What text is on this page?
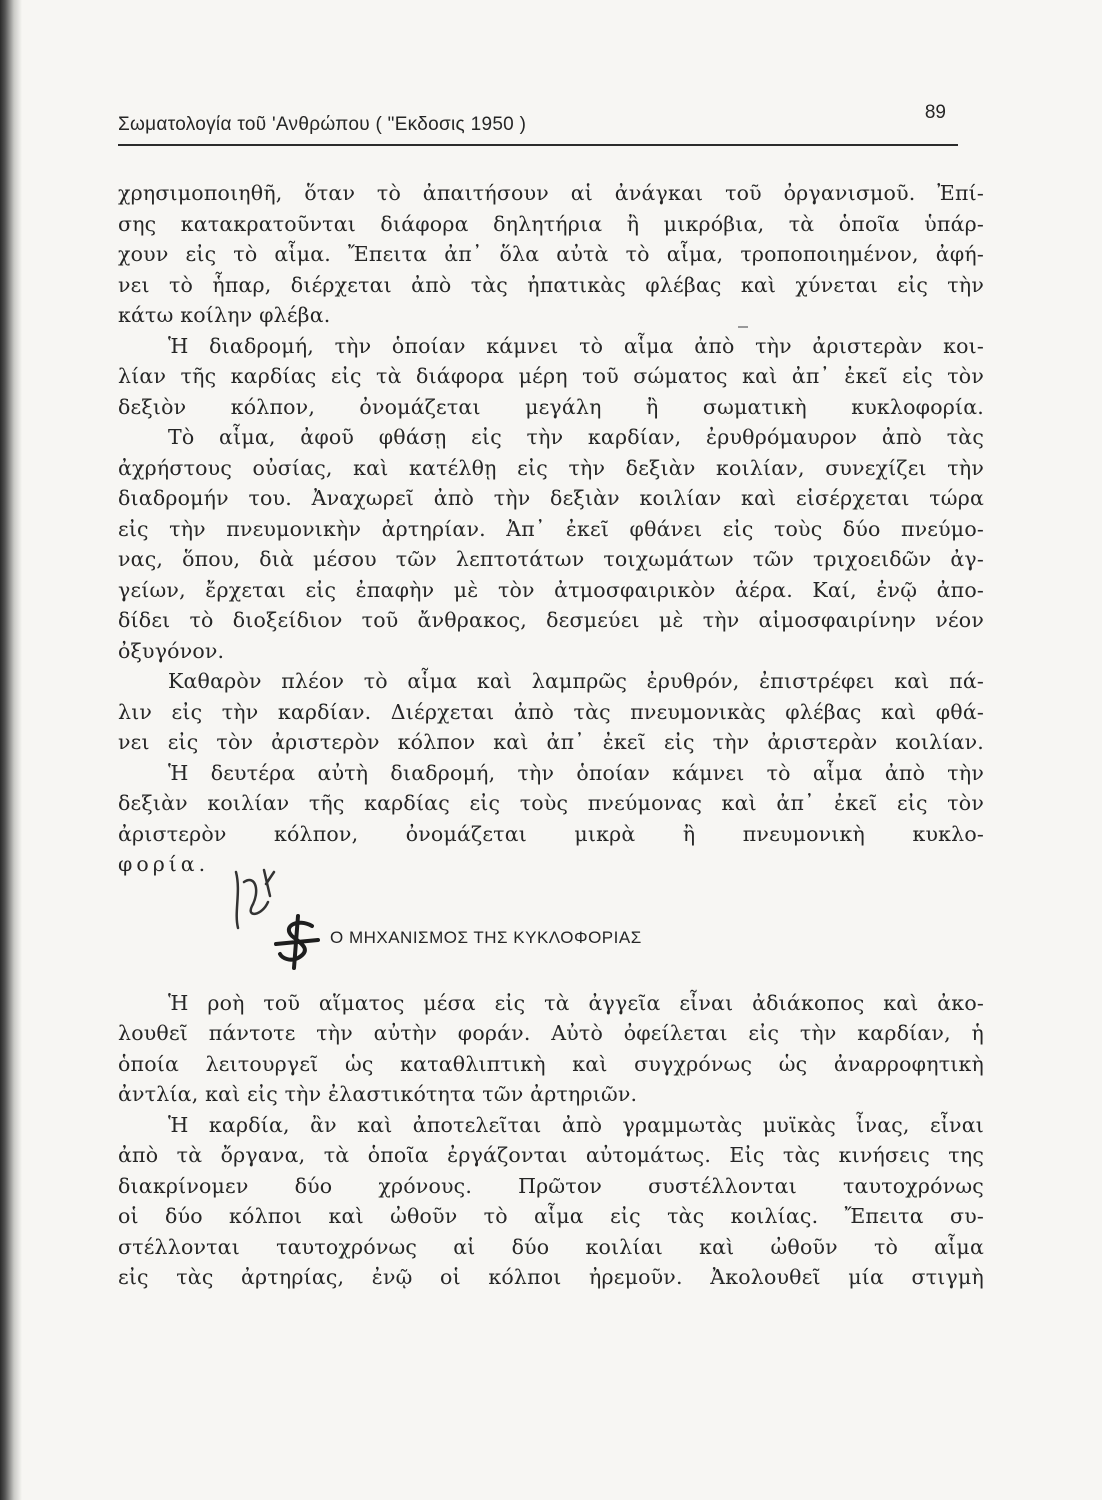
Σωματολογία τοῦ 'Ανθρώπου ( "Εκδοσις 1950 )
89
χρησιμοποιηθῆ, ὅταν τὸ ἀπαιτήσουν αἱ ἀνάγκαι τοῦ ὀργανισμοῦ. Ἐπί-
σης κατακρατοῦνται διάφορα δηλητήρια ἢ μικρόβια, τὰ ὁποῖα ὑπάρ-
χουν εἰς τὸ αἷμα. Ἔπειτα ἀπ᾽ ὅλα αὐτὰ τὸ αἷμα, τροποποιημένον, ἀφή-
νει τὸ ἧπαρ, διέρχεται ἀπὸ τὰς ἠπατικὰς φλέβας καὶ χύνεται εἰς τὴν
κάτω κοίλην φλέβα.
Ἡ διαδρομή, τὴν ὁποίαν κάμνει τὸ αἷμα ἀπὸ τὴν ἀριστερὰν κοι-
λίαν τῆς καρδίας εἰς τὰ διάφορα μέρη τοῦ σώματος καὶ ἀπ᾽ ἐκεῖ εἰς τὸν
δεξιὸν κόλπον, ὀνομάζεται μεγάλη ἢ σωματικὴ κυκλοφορία.
Τὸ αἷμα, ἀφοῦ φθάσῃ εἰς τὴν καρδίαν, ἐρυθρόμαυρον ἀπὸ τὰς
ἀχρήστους οὐσίας, καὶ κατέλθῃ εἰς τὴν δεξιὰν κοιλίαν, συνεχίζει τὴν
διαδρομήν του. Ἀναχωρεῖ ἀπὸ τὴν δεξιὰν κοιλίαν καὶ εἰσέρχεται τώρα
εἰς τὴν πνευμονικὴν ἀρτηρίαν. Ἀπ᾽ ἐκεῖ φθάνει εἰς τοὺς δύο πνεύμο-
νας, ὅπου, διὰ μέσου τῶν λεπτοτάτων τοιχωμάτων τῶν τριχοειδῶν ἀγ-
γείων, ἔρχεται εἰς ἐπαφὴν μὲ τὸν ἀτμοσφαιρικὸν ἀέρα. Καί, ἐνῷ ἀπο-
δίδει τὸ διοξείδιον τοῦ ἄνθρακος, δεσμεύει μὲ τὴν αἱμοσφαιρίνην νέον
ὀξυγόνον.
Καθαρὸν πλέον τὸ αἷμα καὶ λαμπρῶς ἐρυθρόν, ἐπιστρέφει καὶ πά-
λιν εἰς τὴν καρδίαν. Διέρχεται ἀπὸ τὰς πνευμονικὰς φλέβας καὶ φθά-
νει εἰς τὸν ἀριστερὸν κόλπον καὶ ἀπ᾽ ἐκεῖ εἰς τὴν ἀριστερὰν κοιλίαν.
Ἡ δευτέρα αὐτὴ διαδρομή, τὴν ὁποίαν κάμνει τὸ αἷμα ἀπὸ τὴν
δεξιὰν κοιλίαν τῆς καρδίας εἰς τοὺς πνεύμονας καὶ ἀπ᾽ ἐκεῖ εἰς τὸν
ἀριστερὸν κόλπον, ὀνομάζεται μικρὰ ἢ πνευμονικὴ κυκλο-
φορία.
Ο ΜΗΧΑΝΙΣΜΟΣ ΤΗΣ ΚΥΚΛΟΦΟΡΙΑΣ
Ἡ ροὴ τοῦ αἵματος μέσα εἰς τὰ ἀγγεῖα εἶναι ἀδιάκοπος καὶ ἀκο-
λουθεῖ πάντοτε τὴν αὐτὴν φοράν. Αὐτὸ ὀφείλεται εἰς τὴν καρδίαν, ἡ
ὁποία λειτουργεῖ ὡς καταθλιπτικὴ καὶ συγχρόνως ὡς ἀναρροφητικὴ
ἀντλία, καὶ εἰς τὴν ἐλαστικότητα τῶν ἀρτηριῶν.
Ἡ καρδία, ἂν καὶ ἀποτελεῖται ἀπὸ γραμμωτὰς μυϊκὰς ἶνας, εἶναι
ἀπὸ τὰ ὄργανα, τὰ ὁποῖα ἐργάζονται αὐτομάτως. Εἰς τὰς κινήσεις της
διακρίνομεν δύο χρόνους. Πρῶτον συστέλλονται ταυτοχρόνως
οἱ δύο κόλποι καὶ ὠθοῦν τὸ αἷμα εἰς τὰς κοιλίας. Ἔπειτα συ-
στέλλονται ταυτοχρόνως αἱ δύο κοιλίαι καὶ ὠθοῦν τὸ αἷμα
εἰς τὰς ἀρτηρίας, ἐνῷ οἱ κόλποι ἠρεμοῦν. Ἀκολουθεῖ μία στιγμὴ
